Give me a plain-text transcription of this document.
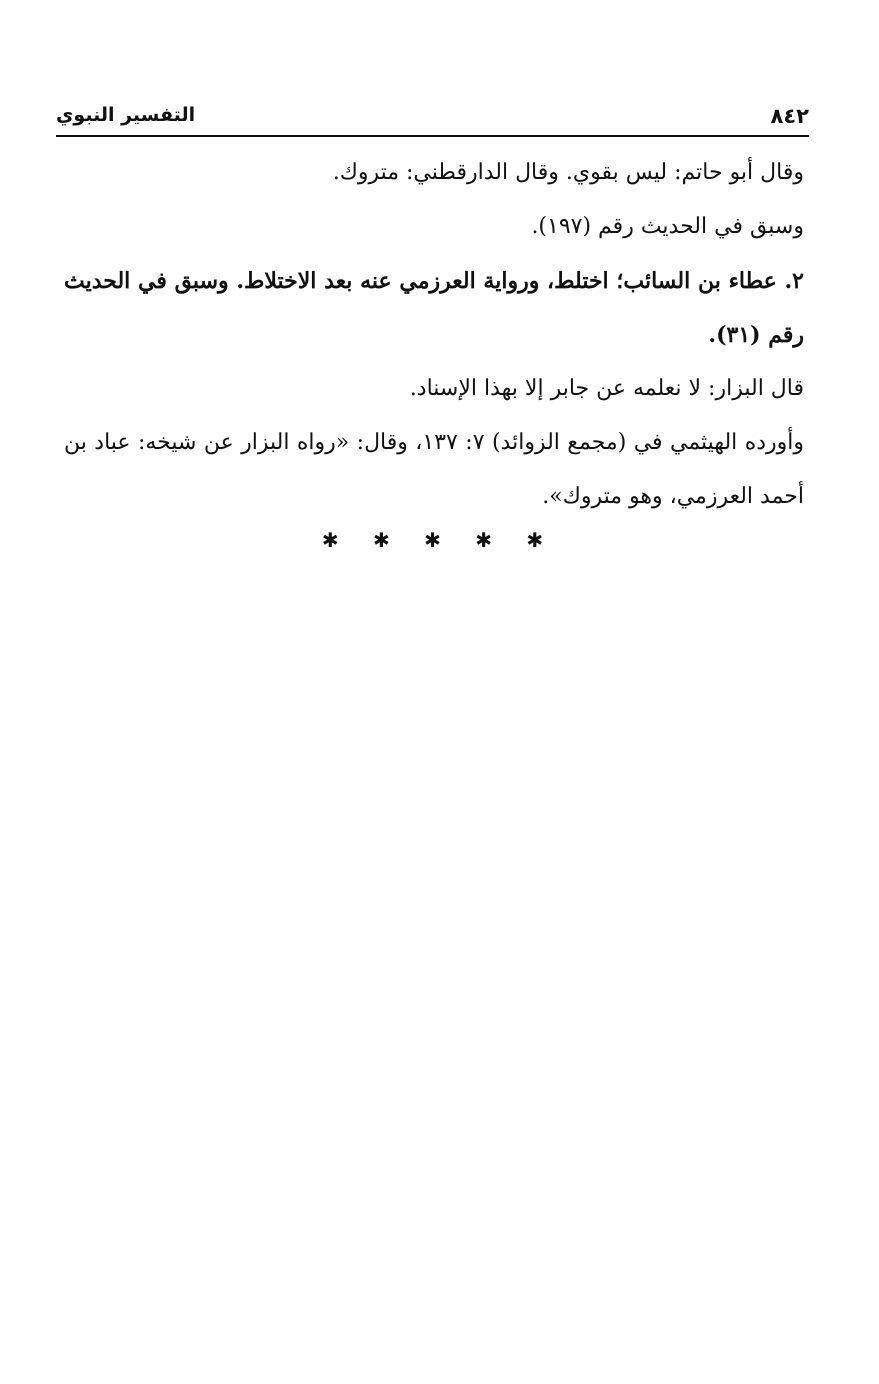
٨٤٢
التفسير النبوي

وقال أبو حاتم: ليس بقوي. وقال الدارقطني: متروك.

وسبق في الحديث رقم (١٩٧).

٢. عطاء بن السائب؛ اختلط، ورواية العرزمي عنه بعد الاختلاط. وسبق في الحديث رقم (٣١).

قال البزار: لا نعلمه عن جابر إلا بهذا الإسناد.

وأورده الهيثمي في (مجمع الزوائد) ٧: ١٣٧، وقال: «رواه البزار عن شيخه: عباد بن أحمد العرزمي، وهو متروك».

✱ ✱ ✱ ✱ ✱
